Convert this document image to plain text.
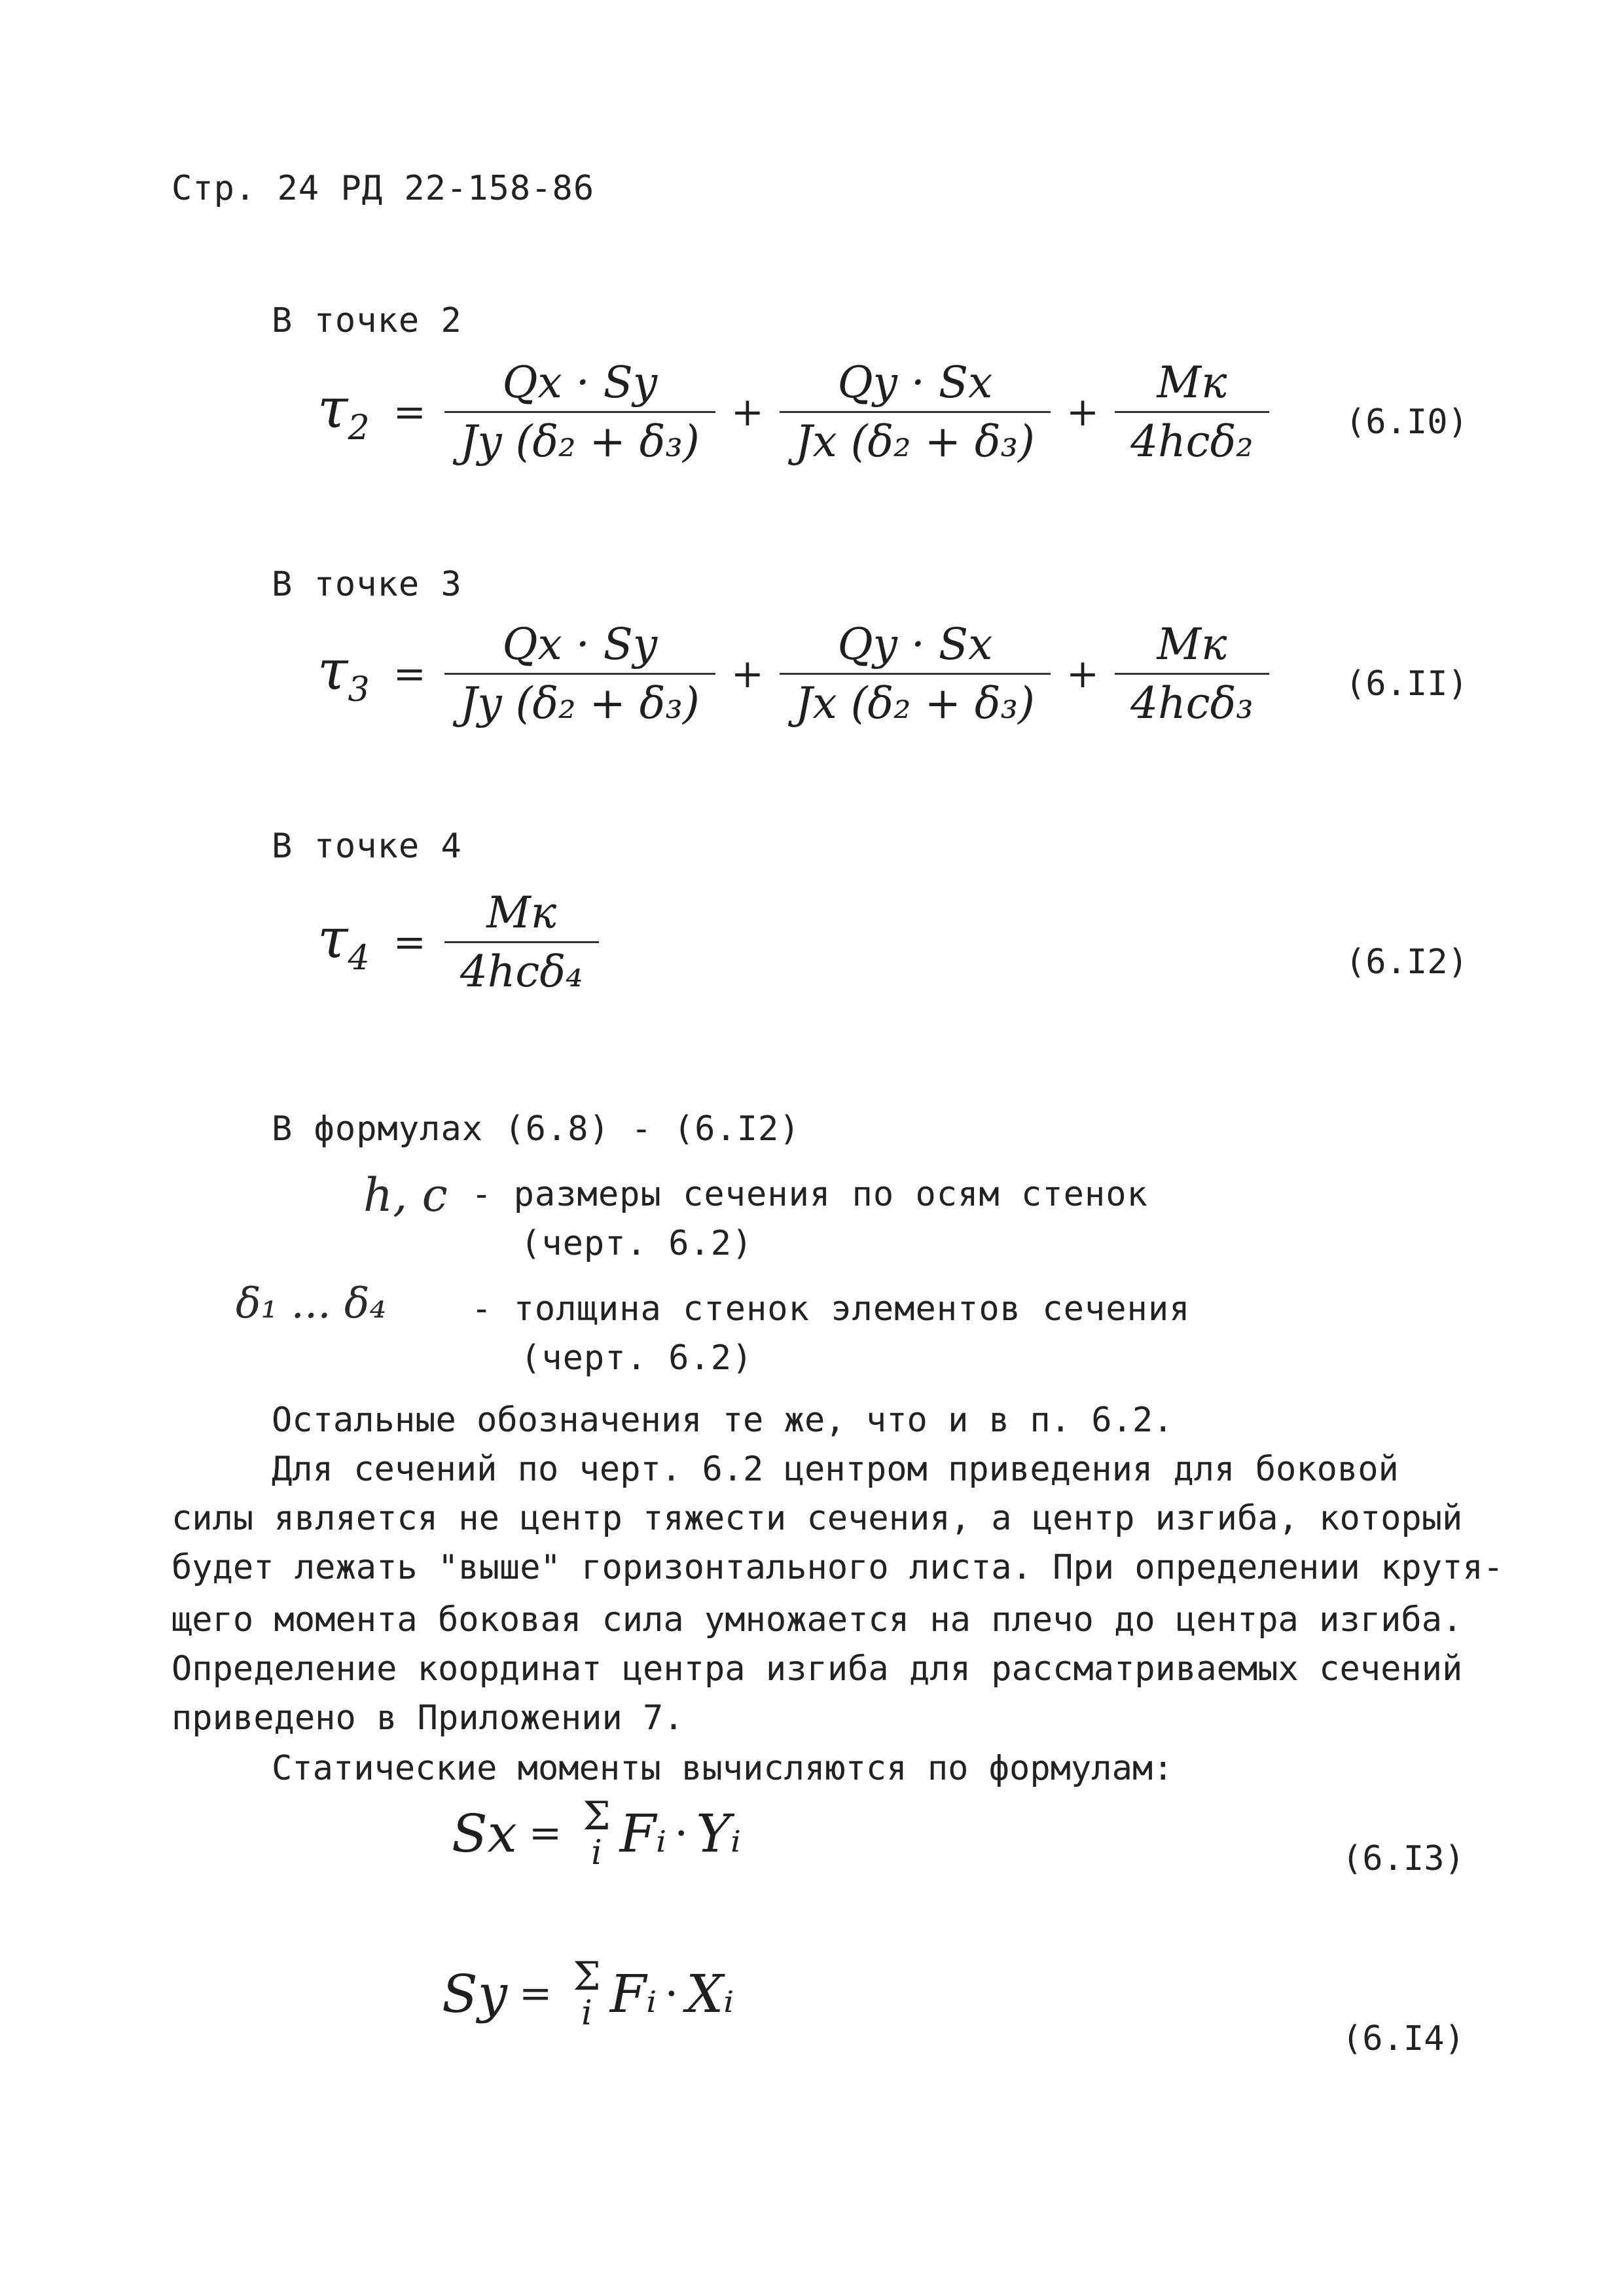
Стр. 24 РД 22-158-86
В точке 2
$\tau_2 = \frac{Qx \cdot Sy}{\text{Jy (δ₂ + δ₃)}} + \frac{Qy \cdot Sx}{\text{Jx (δ₂ + δ₃)}} + \frac{Mк}{\text{4hcδ₂}} (6.I0)$
В точке 3
$\tau_3 = \frac{Qx \cdot Sy}{\text{Jy (δ₂ + δ₃)}} + \frac{Qy \cdot Sx}{\text{Jx (δ₂ + δ₃)}} + \frac{Mк}{\text{4hcδ₃}} (6.II)$
В точке 4
$\tau_4 = \frac{Mк}{\text{4hcδ₄}}$	(6.I2)
В формулах (6.8) - (6.I2)
h, c - размеры сечения по осям стенок
(черт. 6.2)
δ₁ ... δ₄ - толщина стенок элементов сечения
(черт. 6.2)
Остальные обозначения те же, что и в п. 6.2.
Для сечений по черт. 6.2 центром приведения для боковой
силы является не центр тяжести сечения, а центр изгиба, который
будет лежать "выше" горизонтального листа. При определении крутя-
щего момента боковая сила умножается на плечо до центра изгиба.
Определение координат центра изгиба для рассматриваемых сечений
приведено в Приложении 7.
Статические моменты вычисляются по формулам:
Sx = Σ
i Fᵢ · Yᵢ	(6.I3)
Sy = Σ
i Fᵢ · Xᵢ
(6.I4)
